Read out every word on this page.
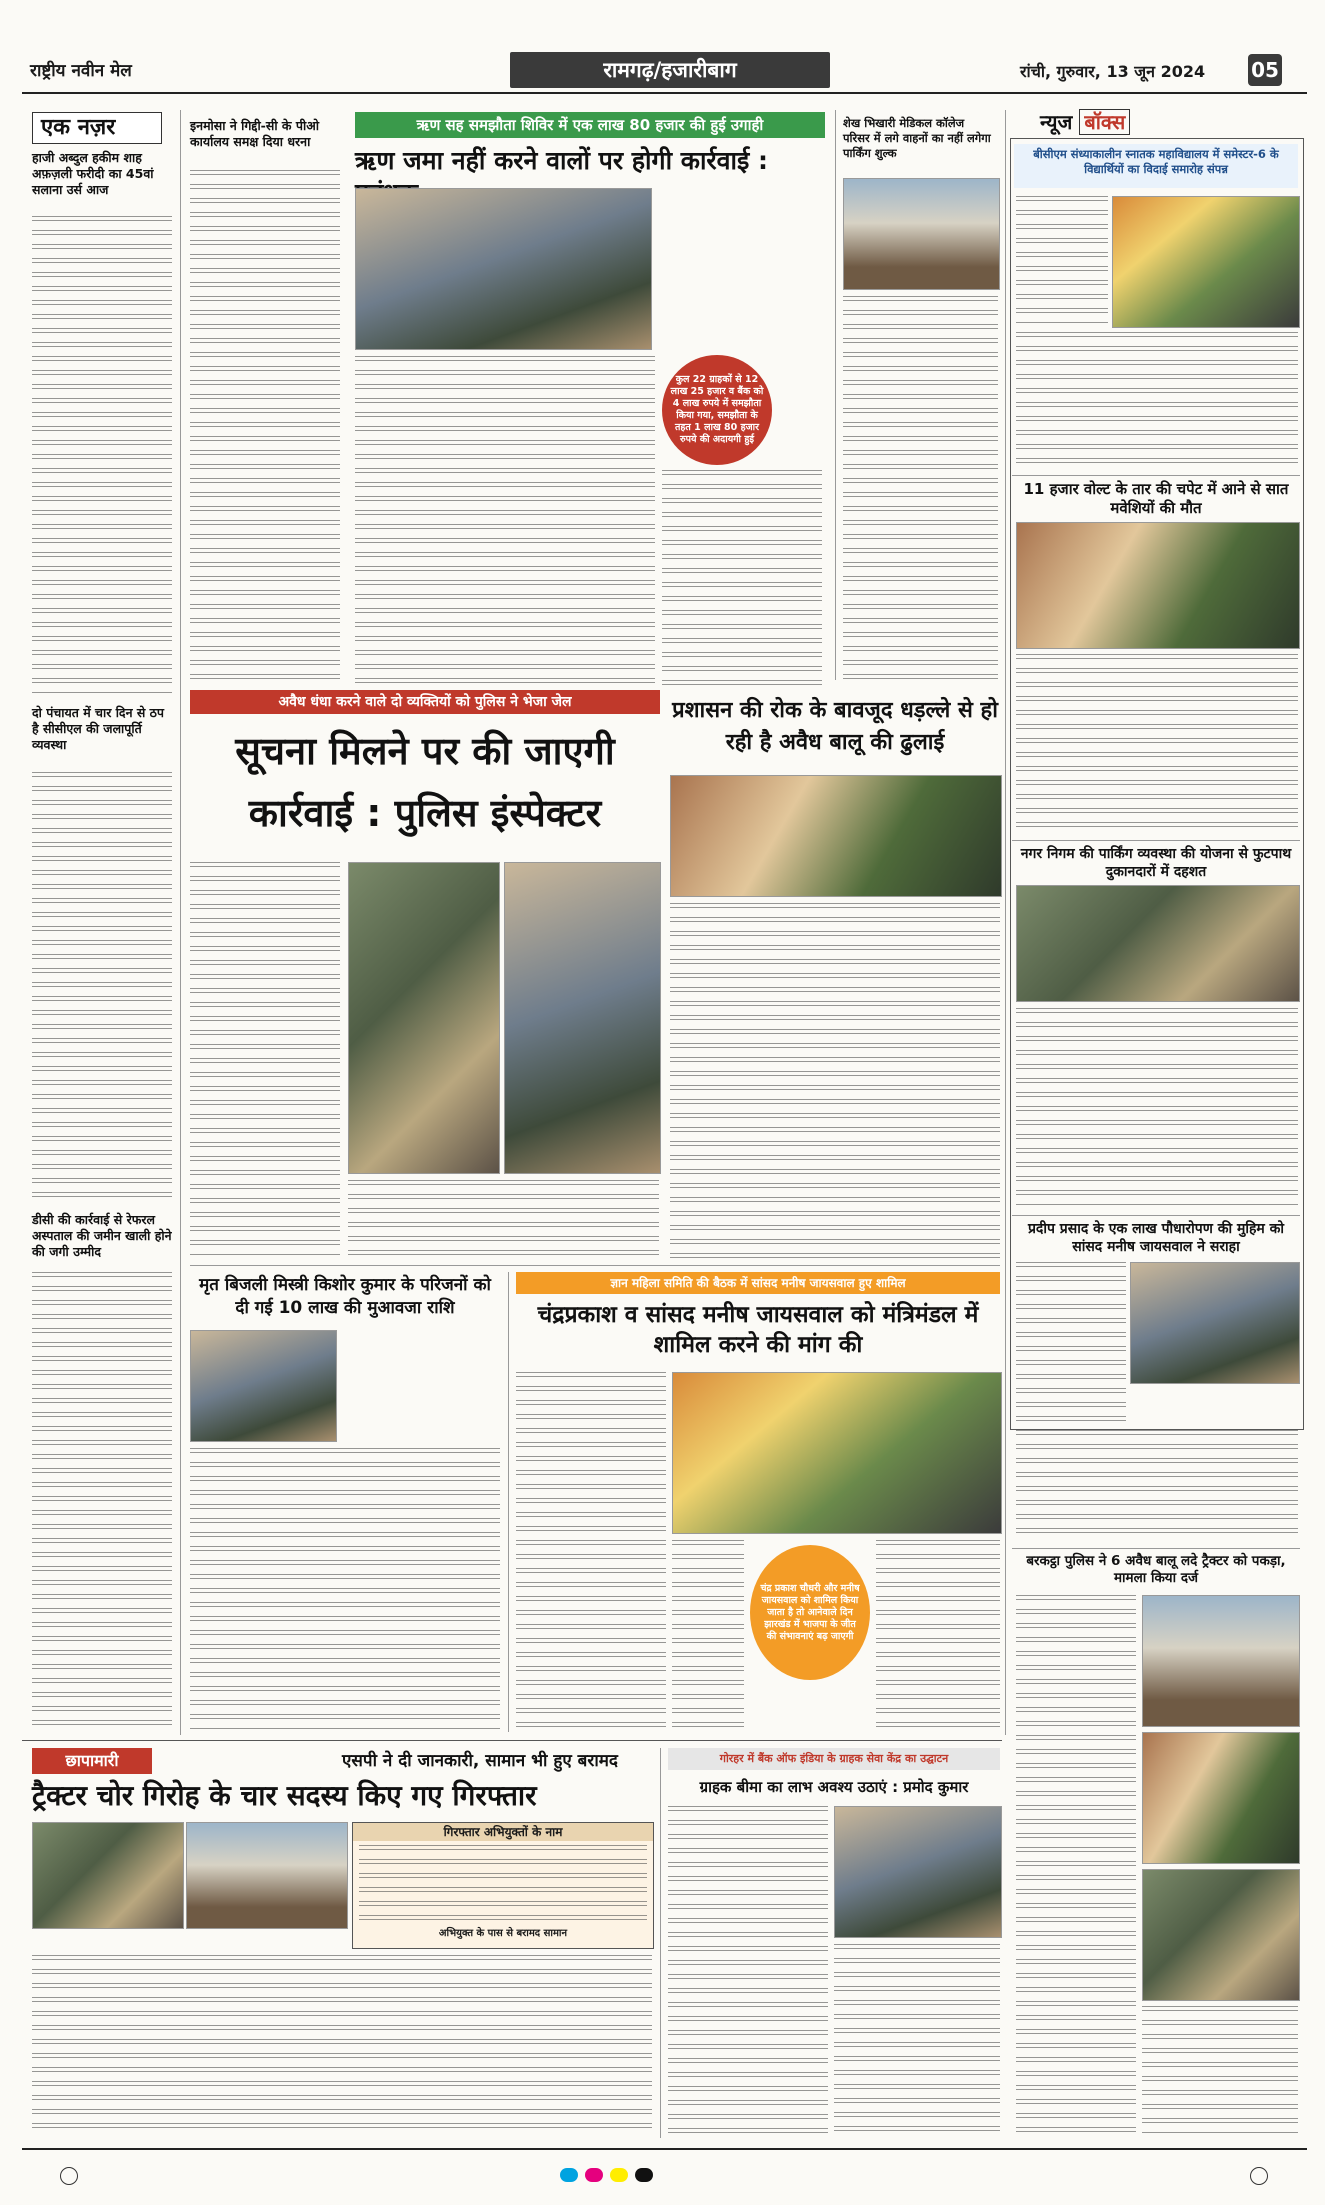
राष्ट्रीय नवीन मेल	रामगढ़/हजारीबाग	रांची, गुरुवार, 13 जून 2024 05
एक नज़र
हाजी अब्दुल हकीम शाह अफ़ज़ली फरीदी का 45वां सलाना उर्स आज
दो पंचायत में चार दिन से ठप है सीसीएल की जलापूर्ति व्यवस्था
डीसी की कार्रवाई से रेफरल अस्पताल की जमीन खाली होने की जगी उम्मीद
इनमोसा ने गिद्दी-सी के पीओ कार्यालय समक्ष दिया धरना
ऋण सह समझौता शिविर में एक लाख 80 हजार की हुई उगाही
ऋण जमा नहीं करने वालों पर होगी कार्रवाई :
कुल 22 ग्राहकों से 12 लाख 25 हजार व बैंक को 4 लाख रुपये में समझौता किया गया, समझौता के तहत 1 लाख 80 हजार रुपये की अदायगी हुई
शेख भिखारी मेडिकल कॉलेज परिसर में लगे वाहनों का नहीं लगेगा पार्किंग शुल्क
न्यूज बॉक्स
बीसीएम संध्याकालीन स्नातक महाविद्यालय में समेस्टर-6 के विद्यार्थियों का विदाई समारोह संपन्न
11 हजार वोल्ट के तार की चपेट में आने से सात मवेशियों की मौत
नगर निगम की पार्किंग व्यवस्था की योजना से फुटपाथ दुकानदारों में दहशत
प्रदीप प्रसाद के एक लाख पौधारोपण की मुहिम को सांसद मनीष जायसवाल ने सराहा
बरकट्ठा पुलिस ने 6 अवैध बालू लदे ट्रैक्टर को पकड़ा, मामला किया दर्ज
अवैध धंधा करने वाले दो व्यक्तियों को पुलिस ने भेजा जेल
सूचना मिलने पर की जाएगी कार्रवाई : पुलिस इंस्पेक्टर
प्रशासन की रोक के बावजूद धड़ल्ले से हो रही है अवैध बालू की ढुलाई
मृत बिजली मिस्त्री किशोर कुमार के परिजनों को दी गई 10 लाख की मुआवजा राशि
ज्ञान महिला समिति की बैठक में सांसद मनीष जायसवाल हुए शामिल
चंद्रप्रकाश व सांसद मनीष जायसवाल को मंत्रिमंडल में शामिल करने की मांग की
चंद्र प्रकाश चौधरी और मनीष जायसवाल को शामिल किया जाता है तो आनेवाले दिन झारखंड में भाजपा के जीत की संभावनाएं बढ़ जाएगी
छापामारी	एसपी ने दी जानकारी, सामान भी हुए बरामद
ट्रैक्टर चोर गिरोह के चार सदस्य किए गए गिरफ्तार
गिरफ्तार अभियुक्तों के नाम
अभियुक्त के पास से बरामद सामान
गोरहर में बैंक ऑफ इंडिया के ग्राहक सेवा केंद्र का उद्घाटन
ग्राहक बीमा का लाभ अवश्य उठाएं : प्रमोद कुमार
